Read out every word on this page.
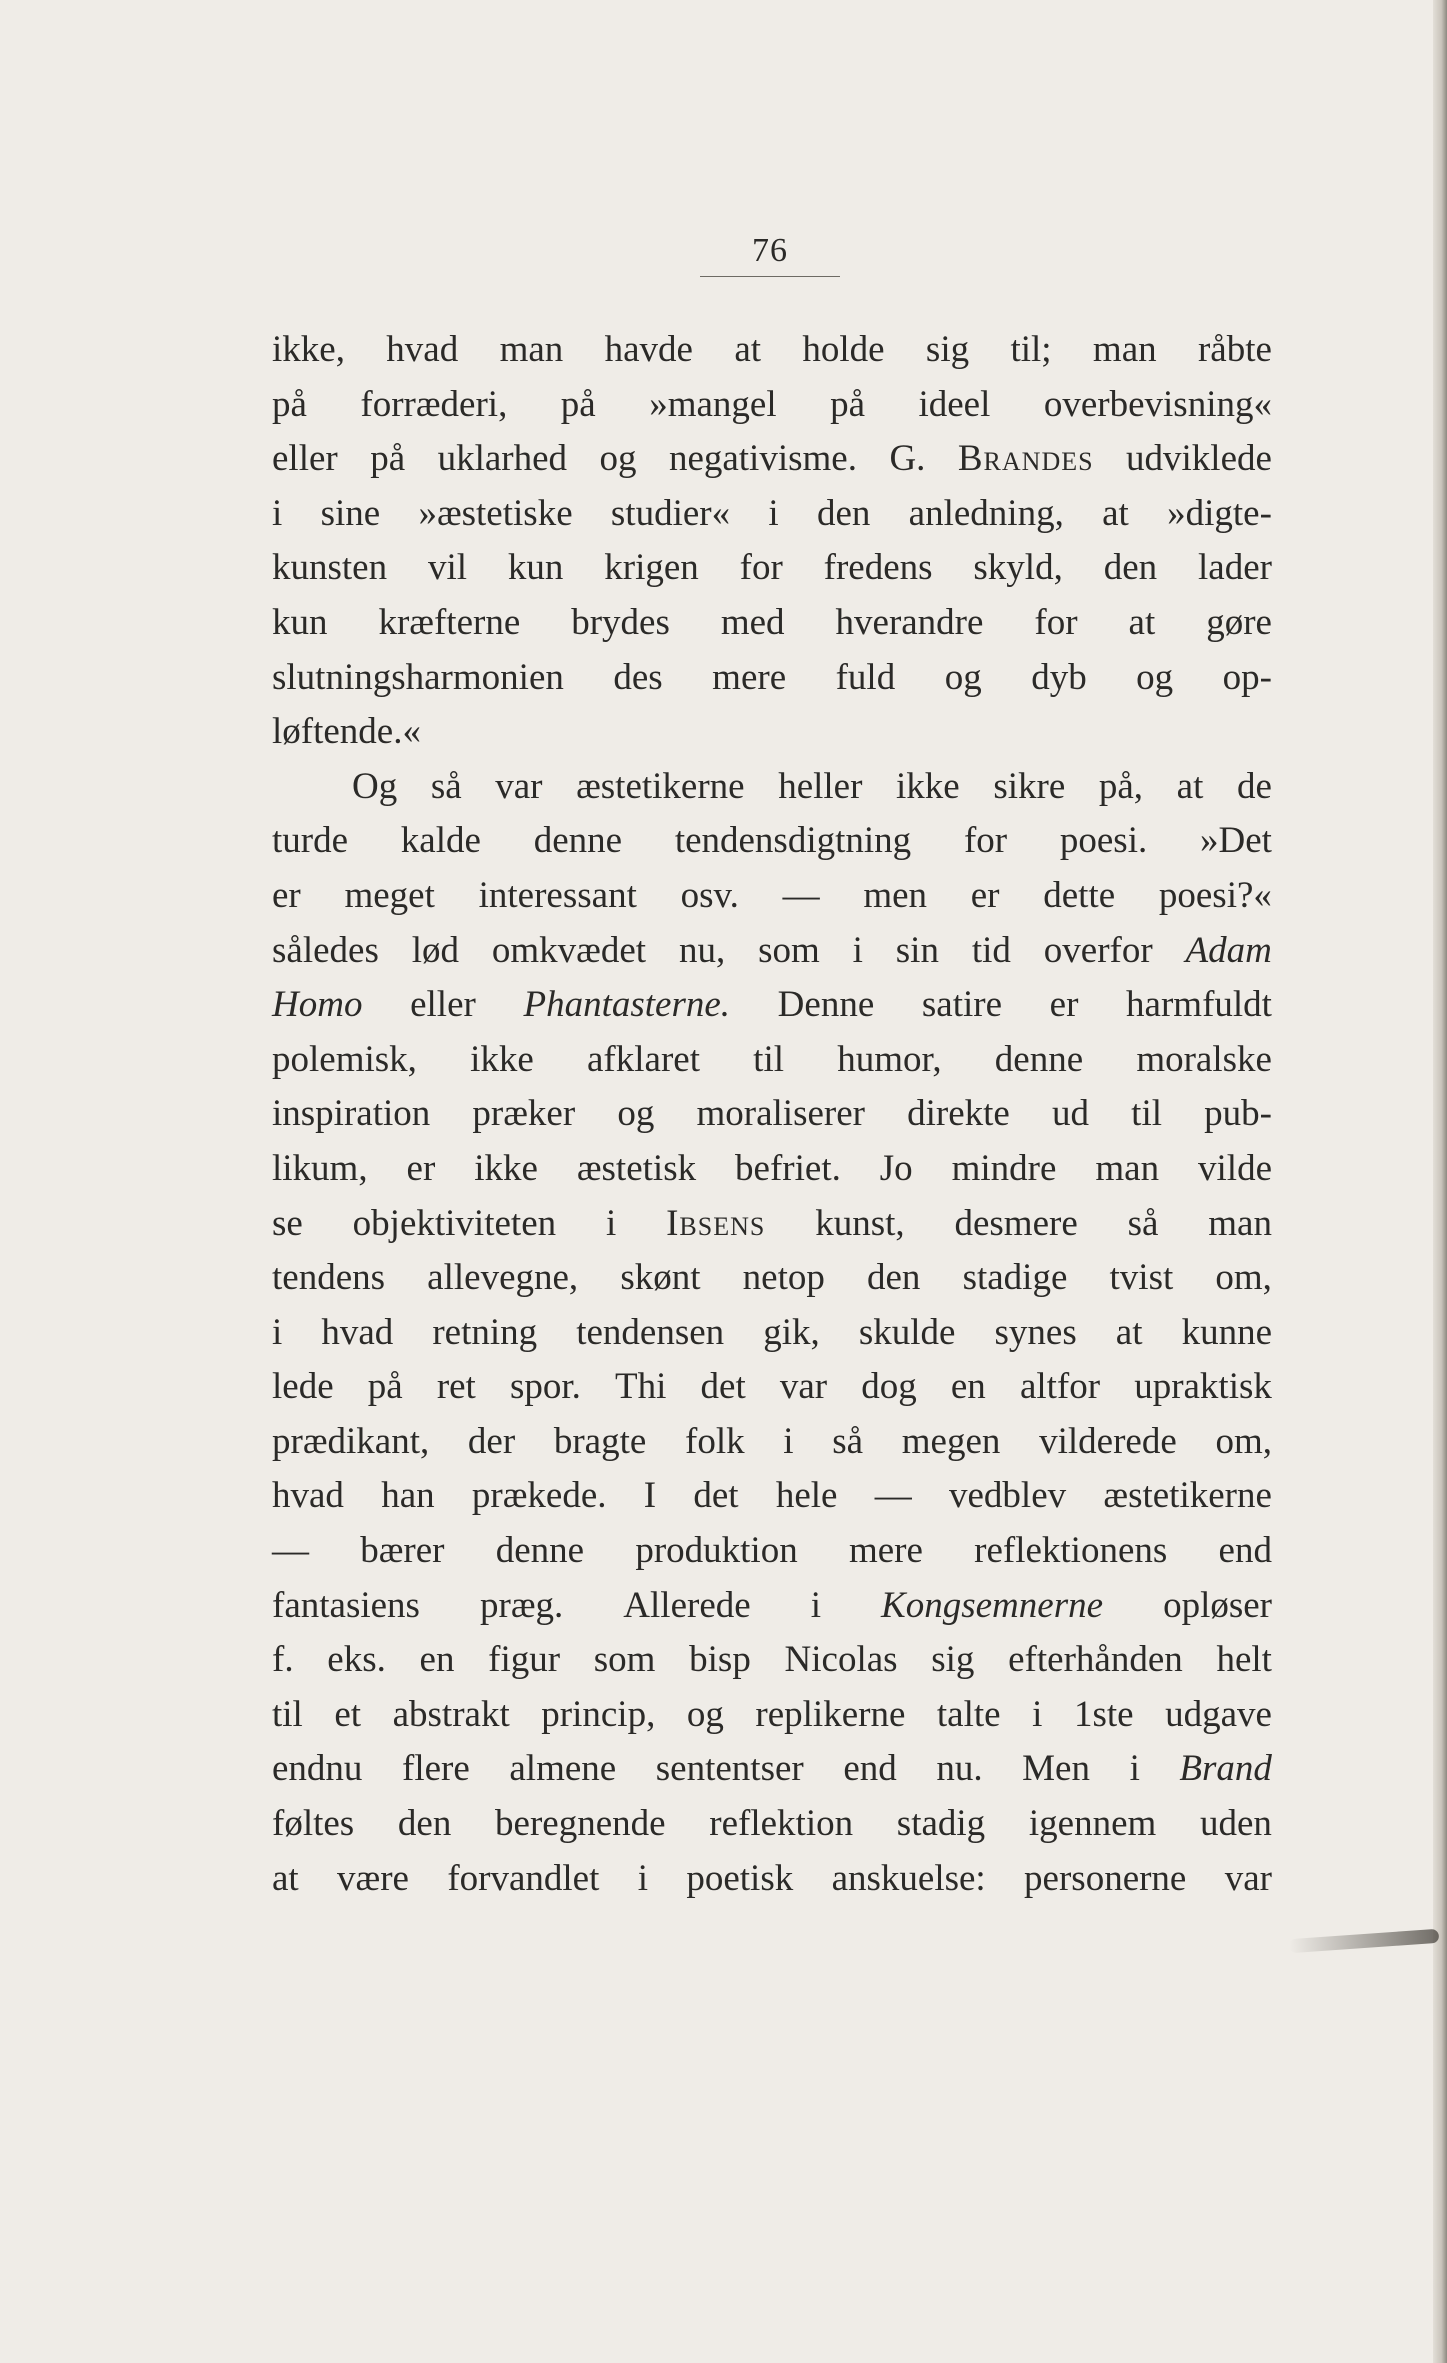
76
ikke, hvad man havde at holde sig til; man råbte
på forræderi, på »mangel på ideel overbevisning«
eller på uklarhed og negativisme. G. Brandes udviklede
i sine »æstetiske studier« i den anledning, at »digte-
kunsten vil kun krigen for fredens skyld, den lader
kun kræfterne brydes med hverandre for at gøre
slutningsharmonien des mere fuld og dyb og op-
løftende.«
Og så var æstetikerne heller ikke sikre på, at de
turde kalde denne tendensdigtning for poesi. »Det
er meget interessant osv. — men er dette poesi?«
således lød omkvædet nu, som i sin tid overfor Adam
Homo eller Phantasterne. Denne satire er harmfuldt
polemisk, ikke afklaret til humor, denne moralske
inspiration præker og moraliserer direkte ud til pub-
likum, er ikke æstetisk befriet. Jo mindre man vilde
se objektiviteten i Ibsens kunst, desmere så man
tendens allevegne, skønt netop den stadige tvist om,
i hvad retning tendensen gik, skulde synes at kunne
lede på ret spor. Thi det var dog en altfor upraktisk
prædikant, der bragte folk i så megen vilderede om,
hvad han prækede. I det hele — vedblev æstetikerne
— bærer denne produktion mere reflektionens end
fantasiens præg. Allerede i Kongsemnerne opløser
f. eks. en figur som bisp Nicolas sig efterhånden helt
til et abstrakt princip, og replikerne talte i 1ste udgave
endnu flere almene sententser end nu. Men i Brand
føltes den beregnende reflektion stadig igennem uden
at være forvandlet i poetisk anskuelse: personerne var
